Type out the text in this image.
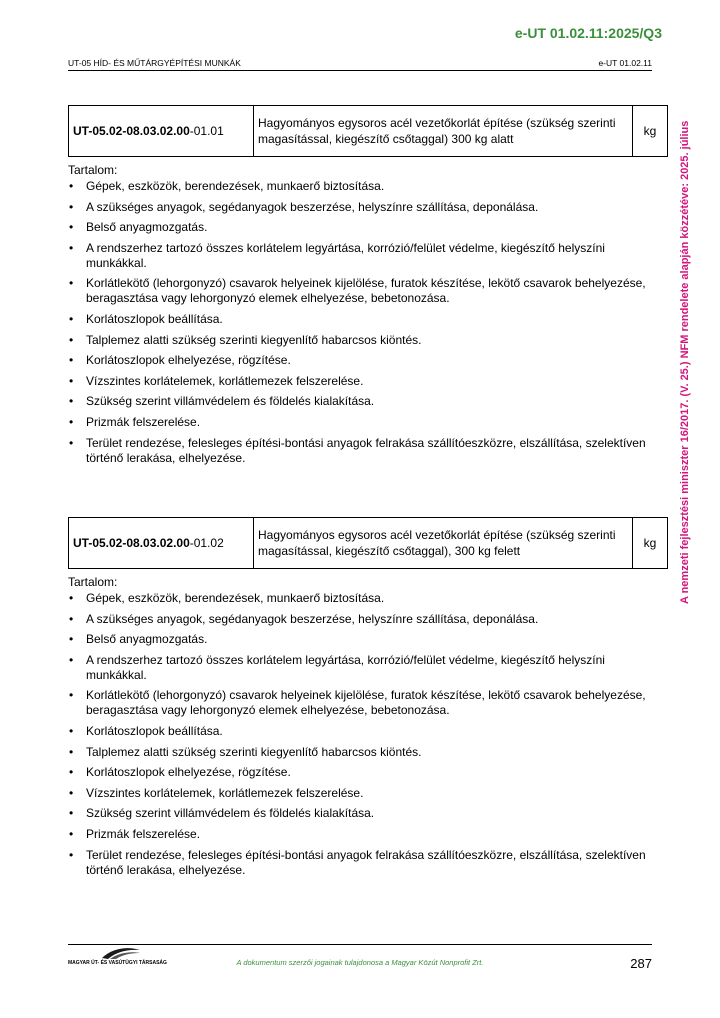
e-UT 01.02.11:2025/Q3
UT-05 HÍD- ÉS MŰTÁRGYÉPÍTÉSI MUNKÁK	e-UT 01.02.11
A nemzeti fejlesztési miniszter 16/2017. (V. 25.) NFM rendelete alapján közzétéve: 2025. július
UT-05.02-08.03.02.00-01.01	Hagyományos egysoros acél vezetőkorlát építése (szükség szerinti magasítással, kiegészítő csőtaggal) 300 kg alatt	kg
Tartalom:
• Gépek, eszközök, berendezések, munkaerő biztosítása.
• A szükséges anyagok, segédanyagok beszerzése, helyszínre szállítása, deponálása.
• Belső anyagmozgatás.
• A rendszerhez tartozó összes korlátelem legyártása, korrózió/felület védelme, kiegészítő helyszíni munkákkal.
• Korlátlekötő (lehorgonyzó) csavarok helyeinek kijelölése, furatok készítése, lekötő csavarok behelyezése, beragasztása vagy lehorgonyzó elemek elhelyezése, bebetonozása.
• Korlátoszlopok beállítása.
• Talplemez alatti szükség szerinti kiegyenlítő habarcsos kiöntés.
• Korlátoszlopok elhelyezése, rögzítése.
• Vízszintes korlátelemek, korlátlemezek felszerelése.
• Szükség szerint villámvédelem és földelés kialakítása.
• Prizmák felszerelése.
• Terület rendezése, felesleges építési-bontási anyagok felrakása szállítóeszközre, elszállítása, szelektíven történő lerakása, elhelyezése.
UT-05.02-08.03.02.00-01.02	Hagyományos egysoros acél vezetőkorlát építése (szükség szerinti magasítással, kiegészítő csőtaggal), 300 kg felett	kg
Tartalom:
• Gépek, eszközök, berendezések, munkaerő biztosítása.
• A szükséges anyagok, segédanyagok beszerzése, helyszínre szállítása, deponálása.
• Belső anyagmozgatás.
• A rendszerhez tartozó összes korlátelem legyártása, korrózió/felület védelme, kiegészítő helyszíni munkákkal.
• Korlátlekötő (lehorgonyzó) csavarok helyeinek kijelölése, furatok készítése, lekötő csavarok behelyezése, beragasztása vagy lehorgonyzó elemek elhelyezése, bebetonozása.
• Korlátoszlopok beállítása.
• Talplemez alatti szükség szerinti kiegyenlítő habarcsos kiöntés.
• Korlátoszlopok elhelyezése, rögzítése.
• Vízszintes korlátelemek, korlátlemezek felszerelése.
• Szükség szerint villámvédelem és földelés kialakítása.
• Prizmák felszerelése.
• Terület rendezése, felesleges építési-bontási anyagok felrakása szállítóeszközre, elszállítása, szelektíven történő lerakása, elhelyezése.
MAGYAR ÚT- ÉS VASÚTÜGYI TÁRSASÁG	A dokumentum szerzői jogainak tulajdonosa a Magyar Közút Nonprofit Zrt.	287
